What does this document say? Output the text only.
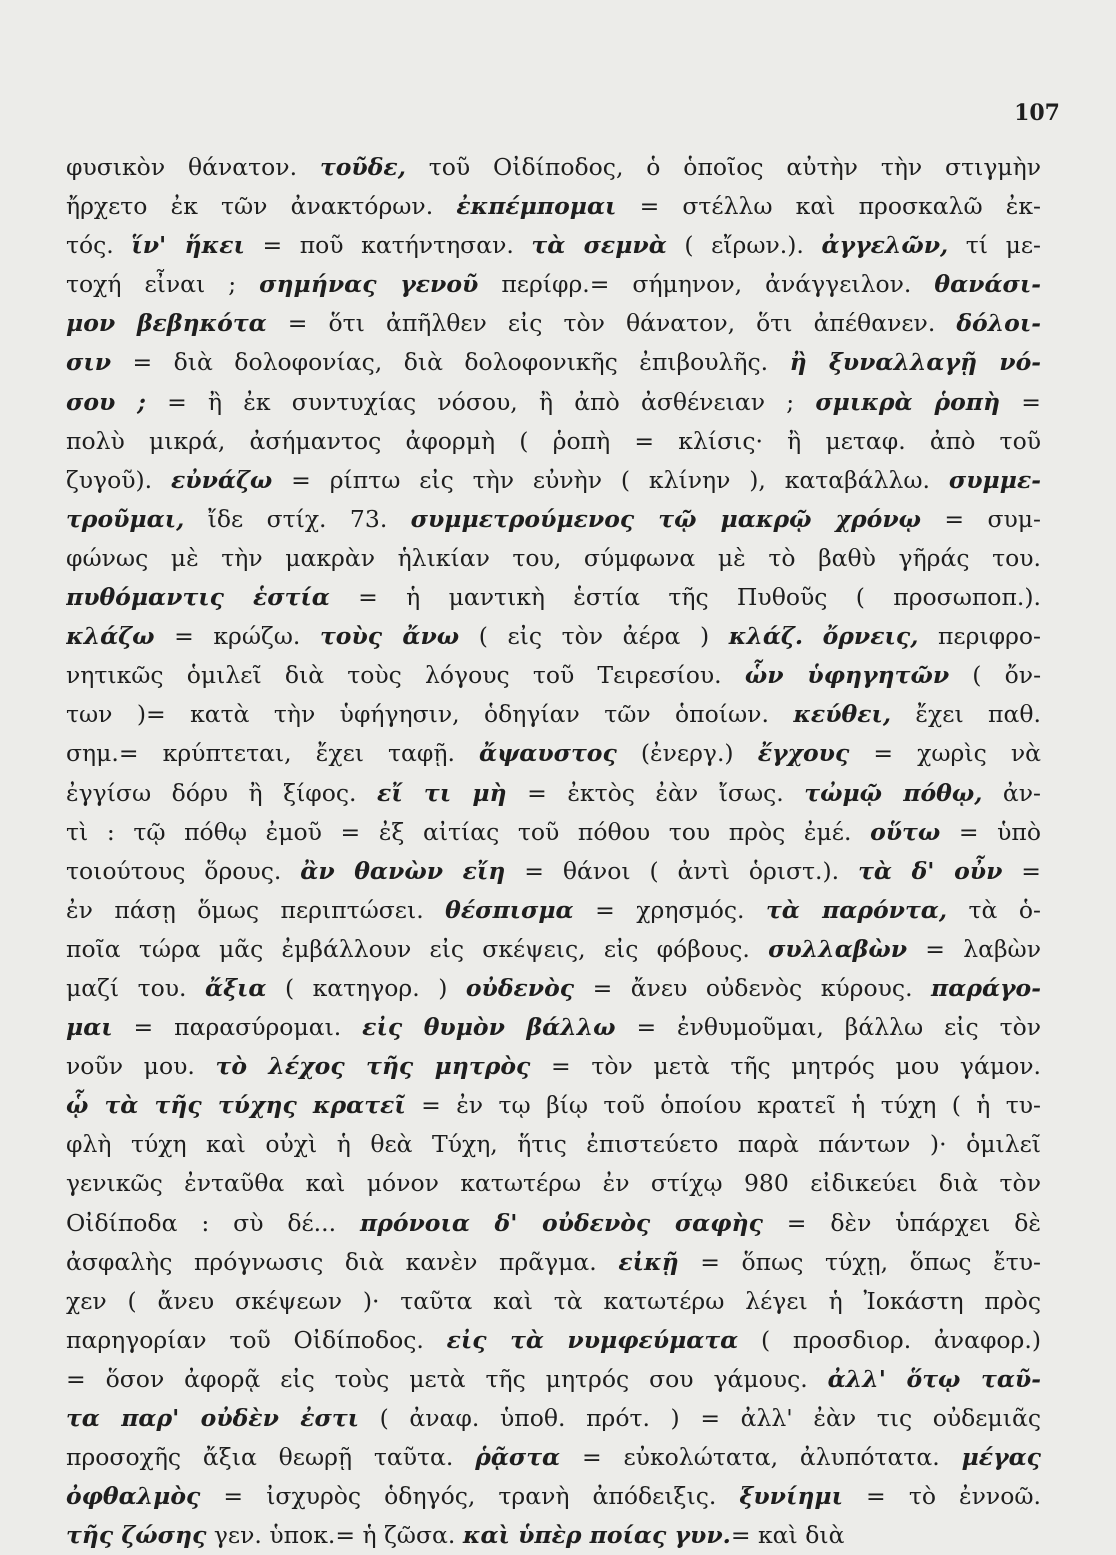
107
φυσικὸν θάνατον. τοῦδε, τοῦ Οἰδίποδος, ὁ ὁποῖος αὐτὴν τὴν στιγμὴν
ἤρχετο ἐκ τῶν ἀνακτόρων. ἐκπέμπομαι = στέλλω καὶ προσκαλῶ ἐκ-
τός. ἵν' ἥκει = ποῦ κατήντησαν. τὰ σεμνὰ ( εἴρων.). ἀγγελῶν, τί με-
τοχή εἶναι ; σημήνας γενοῦ περίφρ.= σήμηνον, ἀνάγγειλον. θανάσι-
μον βεβηκότα = ὅτι ἀπῆλθεν εἰς τὸν θάνατον, ὅτι ἀπέθανεν. δόλοι-
σιν = διὰ δολοφονίας, διὰ δολοφονικῆς ἐπιβουλῆς. ἢ ξυναλλαγῇ νό-
σου ; = ἢ ἐκ συντυχίας νόσου, ἢ ἀπὸ ἀσθένειαν ; σμικρὰ ῥοπὴ =
πολὺ μικρά, ἀσήμαντος ἀφορμὴ ( ῥοπὴ = κλίσις· ἢ μεταφ. ἀπὸ τοῦ
ζυγοῦ). εὐνάζω = ρίπτω εἰς τὴν εὐνὴν ( κλίνην ), καταβάλλω. συμμε-
τροῦμαι, ἴδε στίχ. 73. συμμετρούμενος τῷ μακρῷ χρόνῳ = συμ-
φώνως μὲ τὴν μακρὰν ἡλικίαν του, σύμφωνα μὲ τὸ βαθὺ γῆράς του.
πυθόμαντις ἑστία = ἡ μαντικὴ ἑστία τῆς Πυθοῦς ( προσωποπ.).
κλάζω = κρώζω. τοὺς ἄνω ( εἰς τὸν ἀέρα ) κλάζ. ὄρνεις, περιφρο-
νητικῶς ὁμιλεῖ διὰ τοὺς λόγους τοῦ Τειρεσίου. ὧν ὑφηγητῶν ( ὄν-
των )= κατὰ τὴν ὑφήγησιν, ὁδηγίαν τῶν ὁποίων. κεύθει, ἔχει παθ.
σημ.= κρύπτεται, ἔχει ταφῇ. ἄψαυστος (ἐνεργ.) ἔγχους = χωρὶς νὰ
ἐγγίσω δόρυ ἢ ξίφος. εἴ τι μὴ = ἐκτὸς ἐὰν ἴσως. τὠμῷ πόθῳ, ἀν-
τὶ : τῷ πόθῳ ἐμοῦ = ἐξ αἰτίας τοῦ πόθου του πρὸς ἐμέ. οὕτω = ὑπὸ
τοιούτους ὅρους. ἂν θανὼν εἴη = θάνοι ( ἀντὶ ὁριστ.). τὰ δ' οὖν =
ἐν πάσῃ ὅμως περιπτώσει. θέσπισμα = χρησμός. τὰ παρόντα, τὰ ὁ-
ποῖα τώρα μᾶς ἐμβάλλουν εἰς σκέψεις, εἰς φόβους. συλλαβὼν = λαβὼν
μαζί του. ἄξια ( κατηγορ. ) οὐδενὸς = ἄνευ οὐδενὸς κύρους. παράγο-
μαι = παρασύρομαι. εἰς θυμὸν βάλλω = ἐνθυμοῦμαι, βάλλω εἰς τὸν
νοῦν μου. τὸ λέχος τῆς μητρὸς = τὸν μετὰ τῆς μητρός μου γάμον.
ᾧ τὰ τῆς τύχης κρατεῖ = ἐν τῳ βίῳ τοῦ ὁποίου κρατεῖ ἡ τύχη ( ἡ τυ-
φλὴ τύχη καὶ οὐχὶ ἡ θεὰ Τύχη, ἥτις ἐπιστεύετο παρὰ πάντων )· ὁμιλεῖ
γενικῶς ἐνταῦθα καὶ μόνον κατωτέρω ἐν στίχῳ 980 εἰδικεύει διὰ τὸν
Οἰδίποδα : σὺ δέ... πρόνοια δ' οὐδενὸς σαφὴς = δὲν ὑπάρχει δὲ
ἀσφαλὴς πρόγνωσις διὰ κανὲν πρᾶγμα. εἰκῇ = ὅπως τύχῃ, ὅπως ἔτυ-
χεν ( ἄνευ σκέψεων )· ταῦτα καὶ τὰ κατωτέρω λέγει ἡ Ἰοκάστη πρὸς
παρηγορίαν τοῦ Οἰδίποδος. εἰς τὰ νυμφεύματα ( προσδιορ. ἀναφορ.)
= ὅσον ἀφορᾷ εἰς τοὺς μετὰ τῆς μητρός σου γάμους. ἀλλ' ὅτῳ ταῦ-
τα παρ' οὐδὲν ἐστι ( ἀναφ. ὑποθ. πρότ. ) = ἀλλ' ἐὰν τις οὐδεμιᾶς
προσοχῆς ἄξια θεωρῇ ταῦτα. ῥᾷστα = εὐκολώτατα, ἀλυπότατα. μέγας
ὀφθαλμὸς = ἰσχυρὸς ὁδηγός, τρανὴ ἀπόδειξις. ξυνίημι = τὸ ἐννοῶ.
τῆς ζώσης γεν. ὑποκ.= ἡ ζῶσα. καὶ ὑπὲρ ποίας γυν.= καὶ διὰ
